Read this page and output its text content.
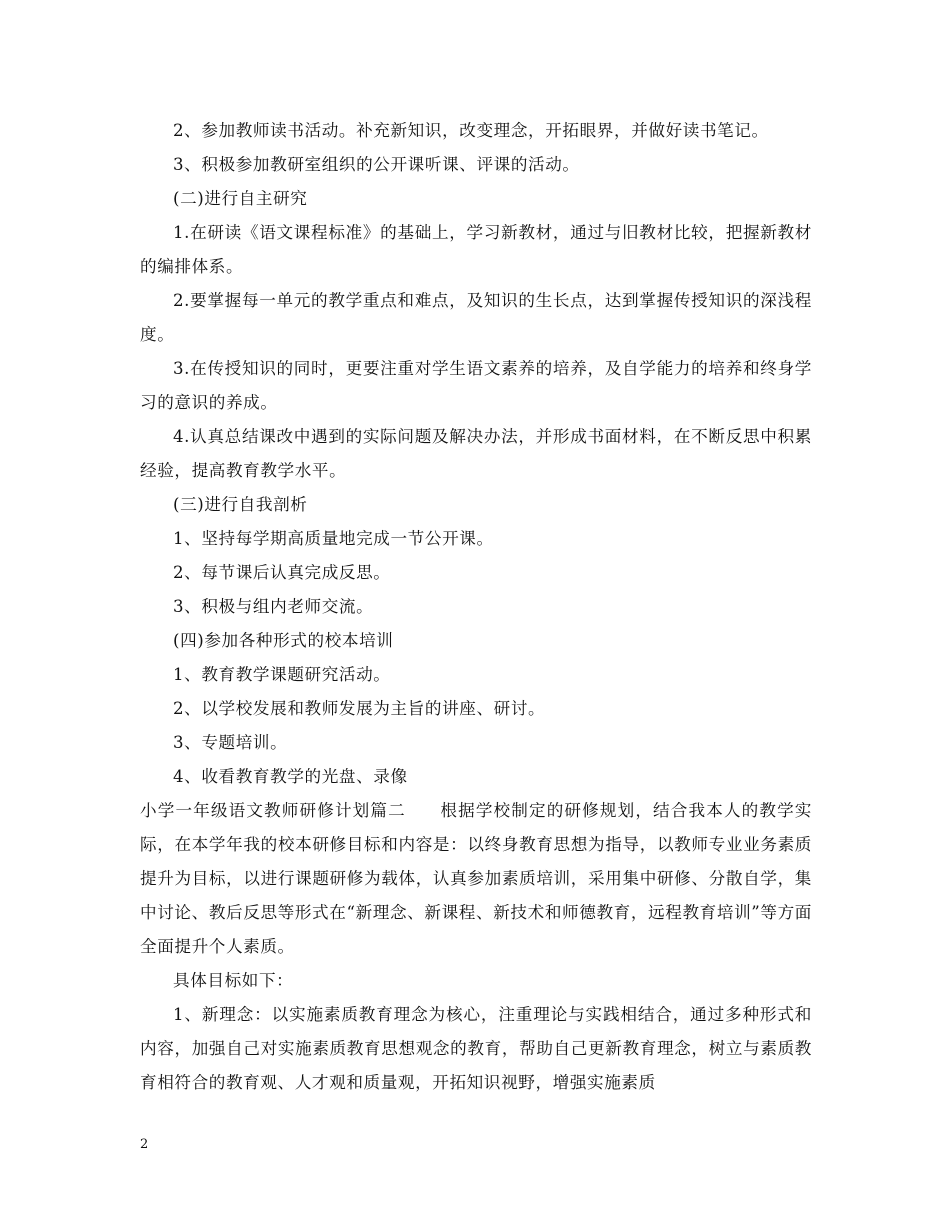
2、参加教师读书活动。补充新知识，改变理念，开拓眼界，并做好读书笔记。

3、积极参加教研室组织的公开课听课、评课的活动。

(二)进行自主研究

1.在研读《语文课程标准》的基础上，学习新教材，通过与旧教材比较，把握新教材的编排体系。

2.要掌握每一单元的教学重点和难点，及知识的生长点，达到掌握传授知识的深浅程度。

3.在传授知识的同时，更要注重对学生语文素养的培养，及自学能力的培养和终身学习的意识的养成。

4.认真总结课改中遇到的实际问题及解决办法，并形成书面材料，在不断反思中积累经验，提高教育教学水平。

(三)进行自我剖析

1、坚持每学期高质量地完成一节公开课。

2、每节课后认真完成反思。

3、积极与组内老师交流。

(四)参加各种形式的校本培训

1、教育教学课题研究活动。

2、以学校发展和教师发展为主旨的讲座、研讨。

3、专题培训。

4、收看教育教学的光盘、录像

小学一年级语文教师研修计划篇二 根据学校制定的研修规划，结合我本人的教学实际，在本学年我的校本研修目标和内容是：以终身教育思想为指导，以教师专业业务素质提升为目标，以进行课题研修为载体，认真参加素质培训，采用集中研修、分散自学，集中讨论、教后反思等形式在“新理念、新课程、新技术和师德教育，远程教育培训”等方面全面提升个人素质。

具体目标如下：

1、新理念：以实施素质教育理念为核心，注重理论与实践相结合，通过多种形式和内容，加强自己对实施素质教育思想观念的教育，帮助自己更新教育理念，树立与素质教育相符合的教育观、人才观和质量观，开拓知识视野，增强实施素质

2
